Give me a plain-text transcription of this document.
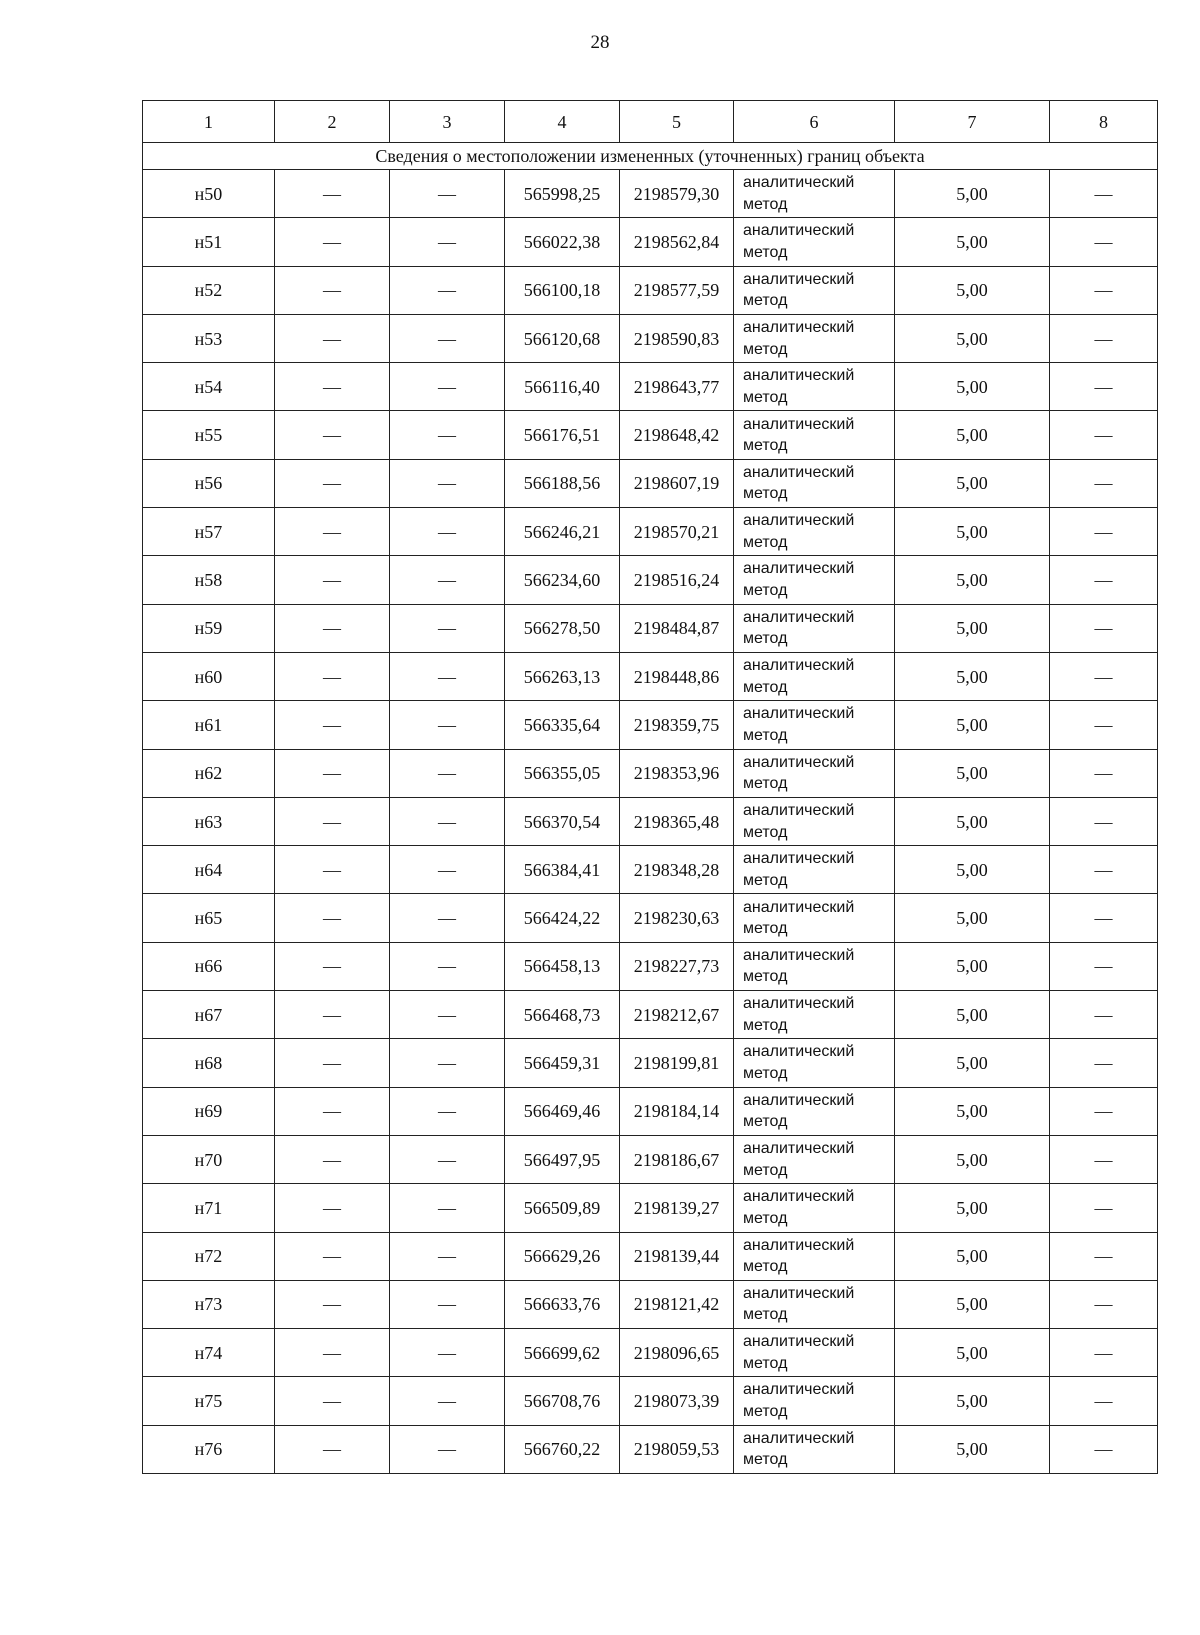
28
1	2	3	4	5	6	7	8
Сведения о местоположении измененных (уточненных) границ объекта							
н50	—	—	565998,25	2198579,30	аналитический метод	5,00	—
н51	—	—	566022,38	2198562,84	аналитический метод	5,00	—
н52	—	—	566100,18	2198577,59	аналитический метод	5,00	—
н53	—	—	566120,68	2198590,83	аналитический метод	5,00	—
н54	—	—	566116,40	2198643,77	аналитический метод	5,00	—
н55	—	—	566176,51	2198648,42	аналитический метод	5,00	—
н56	—	—	566188,56	2198607,19	аналитический метод	5,00	—
н57	—	—	566246,21	2198570,21	аналитический метод	5,00	—
н58	—	—	566234,60	2198516,24	аналитический метод	5,00	—
н59	—	—	566278,50	2198484,87	аналитический метод	5,00	—
н60	—	—	566263,13	2198448,86	аналитический метод	5,00	—
н61	—	—	566335,64	2198359,75	аналитический метод	5,00	—
н62	—	—	566355,05	2198353,96	аналитический метод	5,00	—
н63	—	—	566370,54	2198365,48	аналитический метод	5,00	—
н64	—	—	566384,41	2198348,28	аналитический метод	5,00	—
н65	—	—	566424,22	2198230,63	аналитический метод	5,00	—
н66	—	—	566458,13	2198227,73	аналитический метод	5,00	—
н67	—	—	566468,73	2198212,67	аналитический метод	5,00	—
н68	—	—	566459,31	2198199,81	аналитический метод	5,00	—
н69	—	—	566469,46	2198184,14	аналитический метод	5,00	—
н70	—	—	566497,95	2198186,67	аналитический метод	5,00	—
н71	—	—	566509,89	2198139,27	аналитический метод	5,00	—
н72	—	—	566629,26	2198139,44	аналитический метод	5,00	—
н73	—	—	566633,76	2198121,42	аналитический метод	5,00	—
н74	—	—	566699,62	2198096,65	аналитический метод	5,00	—
н75	—	—	566708,76	2198073,39	аналитический метод	5,00	—
н76	—	—	566760,22	2198059,53	аналитический метод	5,00	—
